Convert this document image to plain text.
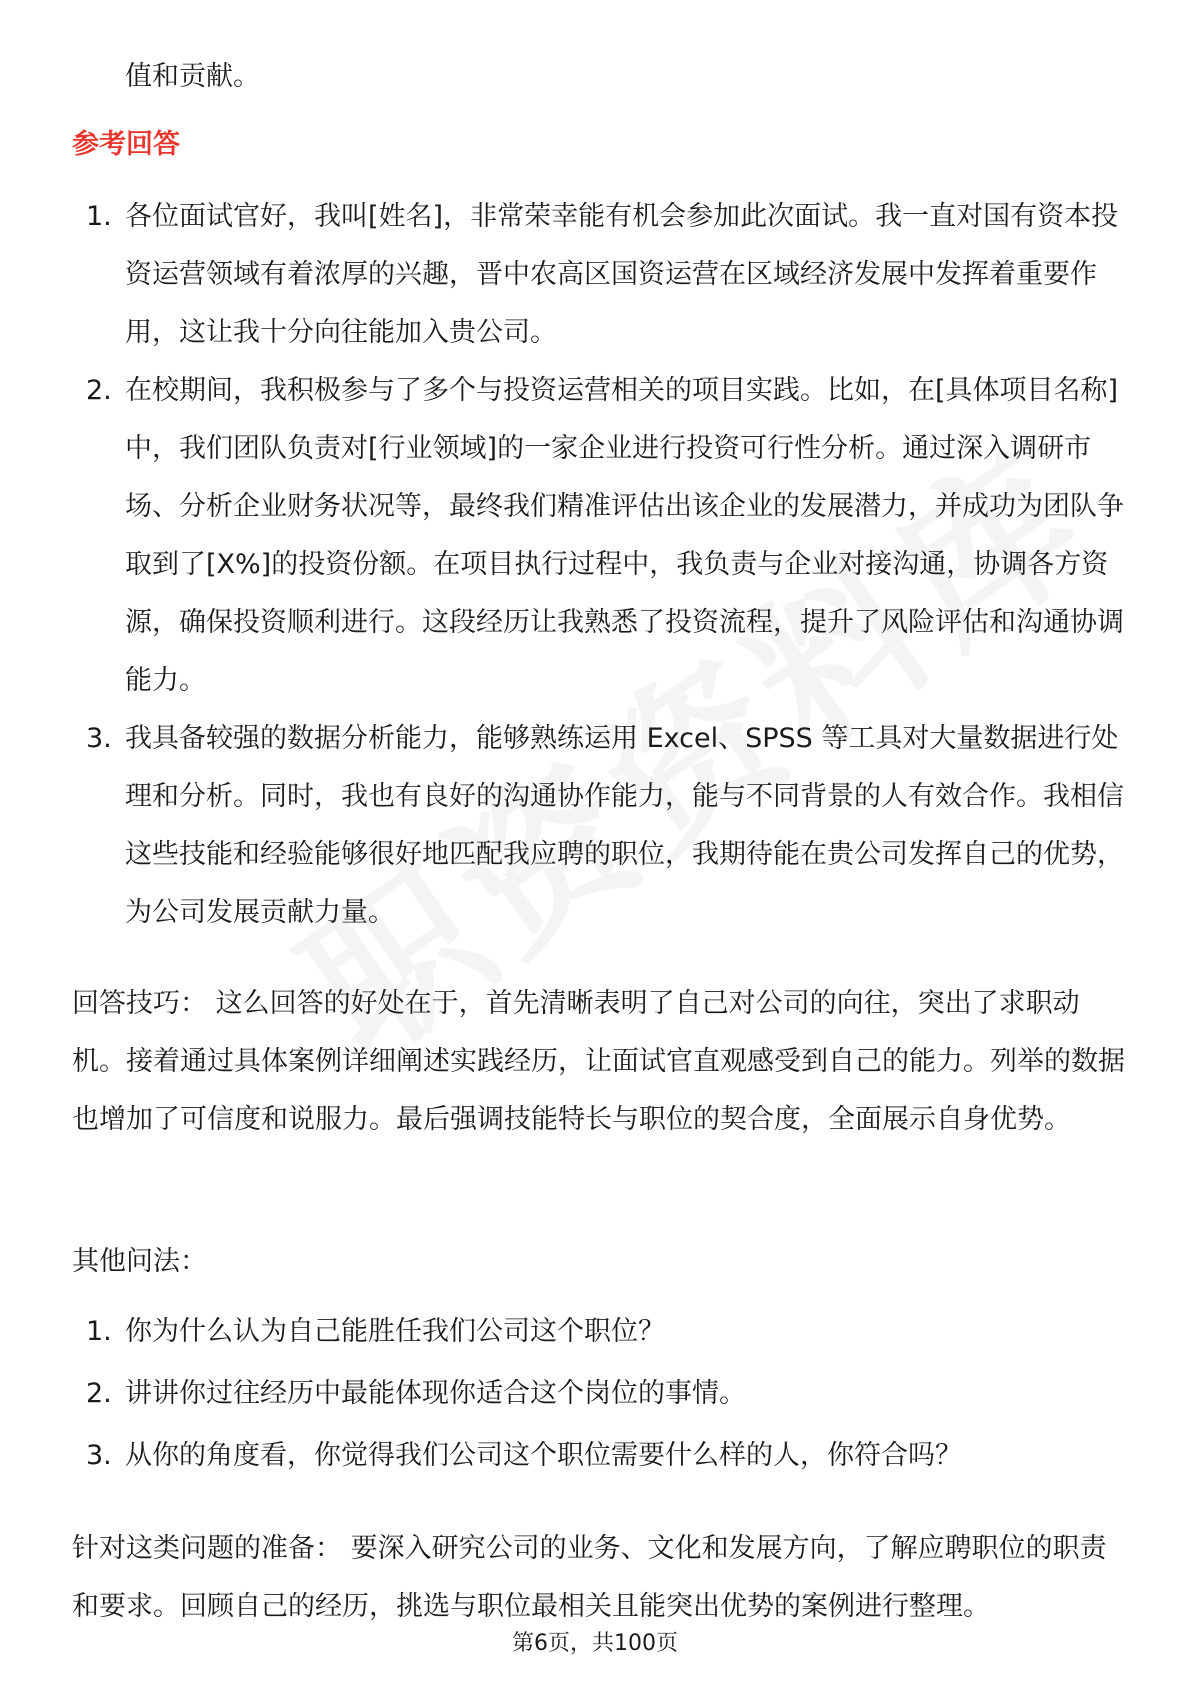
值和贡献。
参考回答
1. 各位面试官好，我叫[姓名]，非常荣幸能有机会参加此次面试。我一直对国有资本投资运营领域有着浓厚的兴趣，晋中农高区国资运营在区域经济发展中发挥着重要作用，这让我十分向往能加入贵公司。
2. 在校期间，我积极参与了多个与投资运营相关的项目实践。比如，在[具体项目名称]中，我们团队负责对[行业领域]的一家企业进行投资可行性分析。通过深入调研市场、分析企业财务状况等，最终我们精准评估出该企业的发展潜力，并成功为团队争取到了[X%]的投资份额。在项目执行过程中，我负责与企业对接沟通，协调各方资源，确保投资顺利进行。这段经历让我熟悉了投资流程，提升了风险评估和沟通协调能力。
3. 我具备较强的数据分析能力，能够熟练运用 Excel、SPSS 等工具对大量数据进行处理和分析。同时，我也有良好的沟通协作能力，能与不同背景的人有效合作。我相信这些技能和经验能够很好地匹配我应聘的职位，我期待能在贵公司发挥自己的优势，为公司发展贡献力量。

回答技巧： 这么回答的好处在于，首先清晰表明了自己对公司的向往，突出了求职动机。接着通过具体案例详细阐述实践经历，让面试官直观感受到自己的能力。列举的数据也增加了可信度和说服力。最后强调技能特长与职位的契合度，全面展示自身优势。

其他问法：

1. 你为什么认为自己能胜任我们公司这个职位？
2. 讲讲你过往经历中最能体现你适合这个岗位的事情。
3. 从你的角度看，你觉得我们公司这个职位需要什么样的人，你符合吗？

针对这类问题的准备： 要深入研究公司的业务、文化和发展方向，了解应聘职位的职责和要求。回顾自己的经历，挑选与职位最相关且能突出优势的案例进行整理。

第6页，共100页
